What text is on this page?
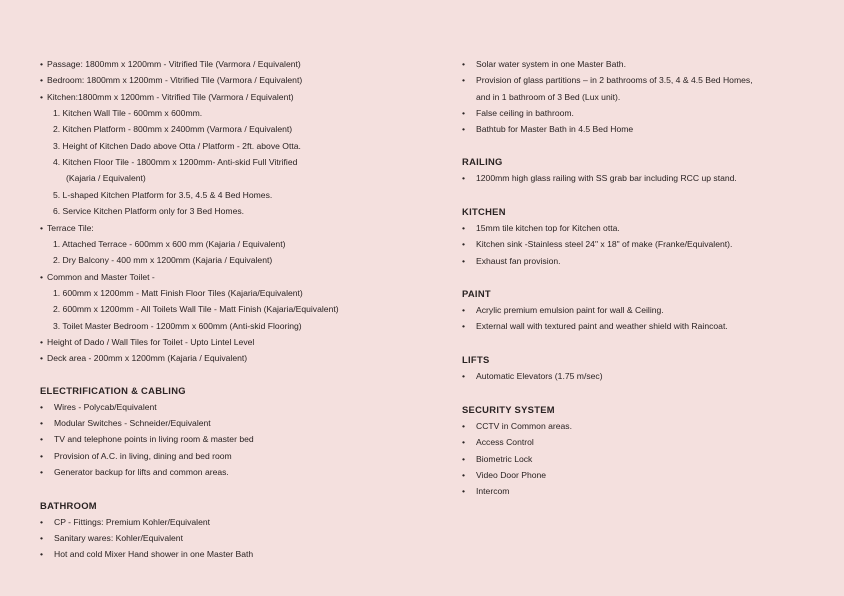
• Passage: 1800mm x 1200mm - Vitrified Tile (Varmora / Equivalent)
• Bedroom: 1800mm x 1200mm - Vitrified Tile (Varmora / Equivalent)
• Kitchen:1800mm x 1200mm - Vitrified Tile (Varmora / Equivalent)
1. Kitchen Wall Tile - 600mm x 600mm.
2. Kitchen Platform - 800mm x 2400mm (Varmora / Equivalent)
3. Height of Kitchen Dado above Otta / Platform - 2ft. above Otta.
4. Kitchen Floor Tile - 1800mm x 1200mm- Anti-skid Full Vitrified
(Kajaria / Equivalent)
5. L-shaped Kitchen Platform for 3.5, 4.5 & 4 Bed Homes.
6. Service Kitchen Platform only for 3 Bed Homes.
• Terrace Tile:
1. Attached Terrace - 600mm x 600 mm (Kajaria / Equivalent)
2. Dry Balcony - 400 mm x 1200mm (Kajaria / Equivalent)
• Common and Master Toilet -
1. 600mm x 1200mm - Matt Finish Floor Tiles (Kajaria/Equivalent)
2. 600mm x 1200mm - All Toilets Wall Tile - Matt Finish (Kajaria/Equivalent)
3. Toilet Master Bedroom - 1200mm x 600mm (Anti-skid Flooring)
• Height of Dado / Wall Tiles for Toilet - Upto Lintel Level
• Deck area - 200mm x 1200mm (Kajaria / Equivalent)
ELECTRIFICATION & CABLING
• Wires - Polycab/Equivalent
• Modular Switches - Schneider/Equivalent
• TV and telephone points in living room & master bed
• Provision of A.C. in living, dining and bed room
• Generator backup for lifts and common areas.
BATHROOM
• CP - Fittings: Premium Kohler/Equivalent
• Sanitary wares: Kohler/Equivalent
• Hot and cold Mixer Hand shower in one Master Bath
• Solar water system in one Master Bath.
• Provision of glass partitions – in 2 bathrooms of 3.5, 4 & 4.5 Bed Homes,
and in 1 bathroom of 3 Bed (Lux unit).
• False ceiling in bathroom.
• Bathtub for Master Bath in 4.5 Bed Home
RAILING
• 1200mm high glass railing with SS grab bar including RCC up stand.
KITCHEN
• 15mm tile kitchen top for Kitchen otta.
• Kitchen sink -Stainless steel 24" x 18" of make (Franke/Equivalent).
• Exhaust fan provision.
PAINT
• Acrylic premium emulsion paint for wall & Ceiling.
• External wall with textured paint and weather shield with Raincoat.
LIFTS
• Automatic Elevators (1.75 m/sec)
SECURITY SYSTEM
• CCTV in Common areas.
• Access Control
• Biometric Lock
• Video Door Phone
• Intercom
